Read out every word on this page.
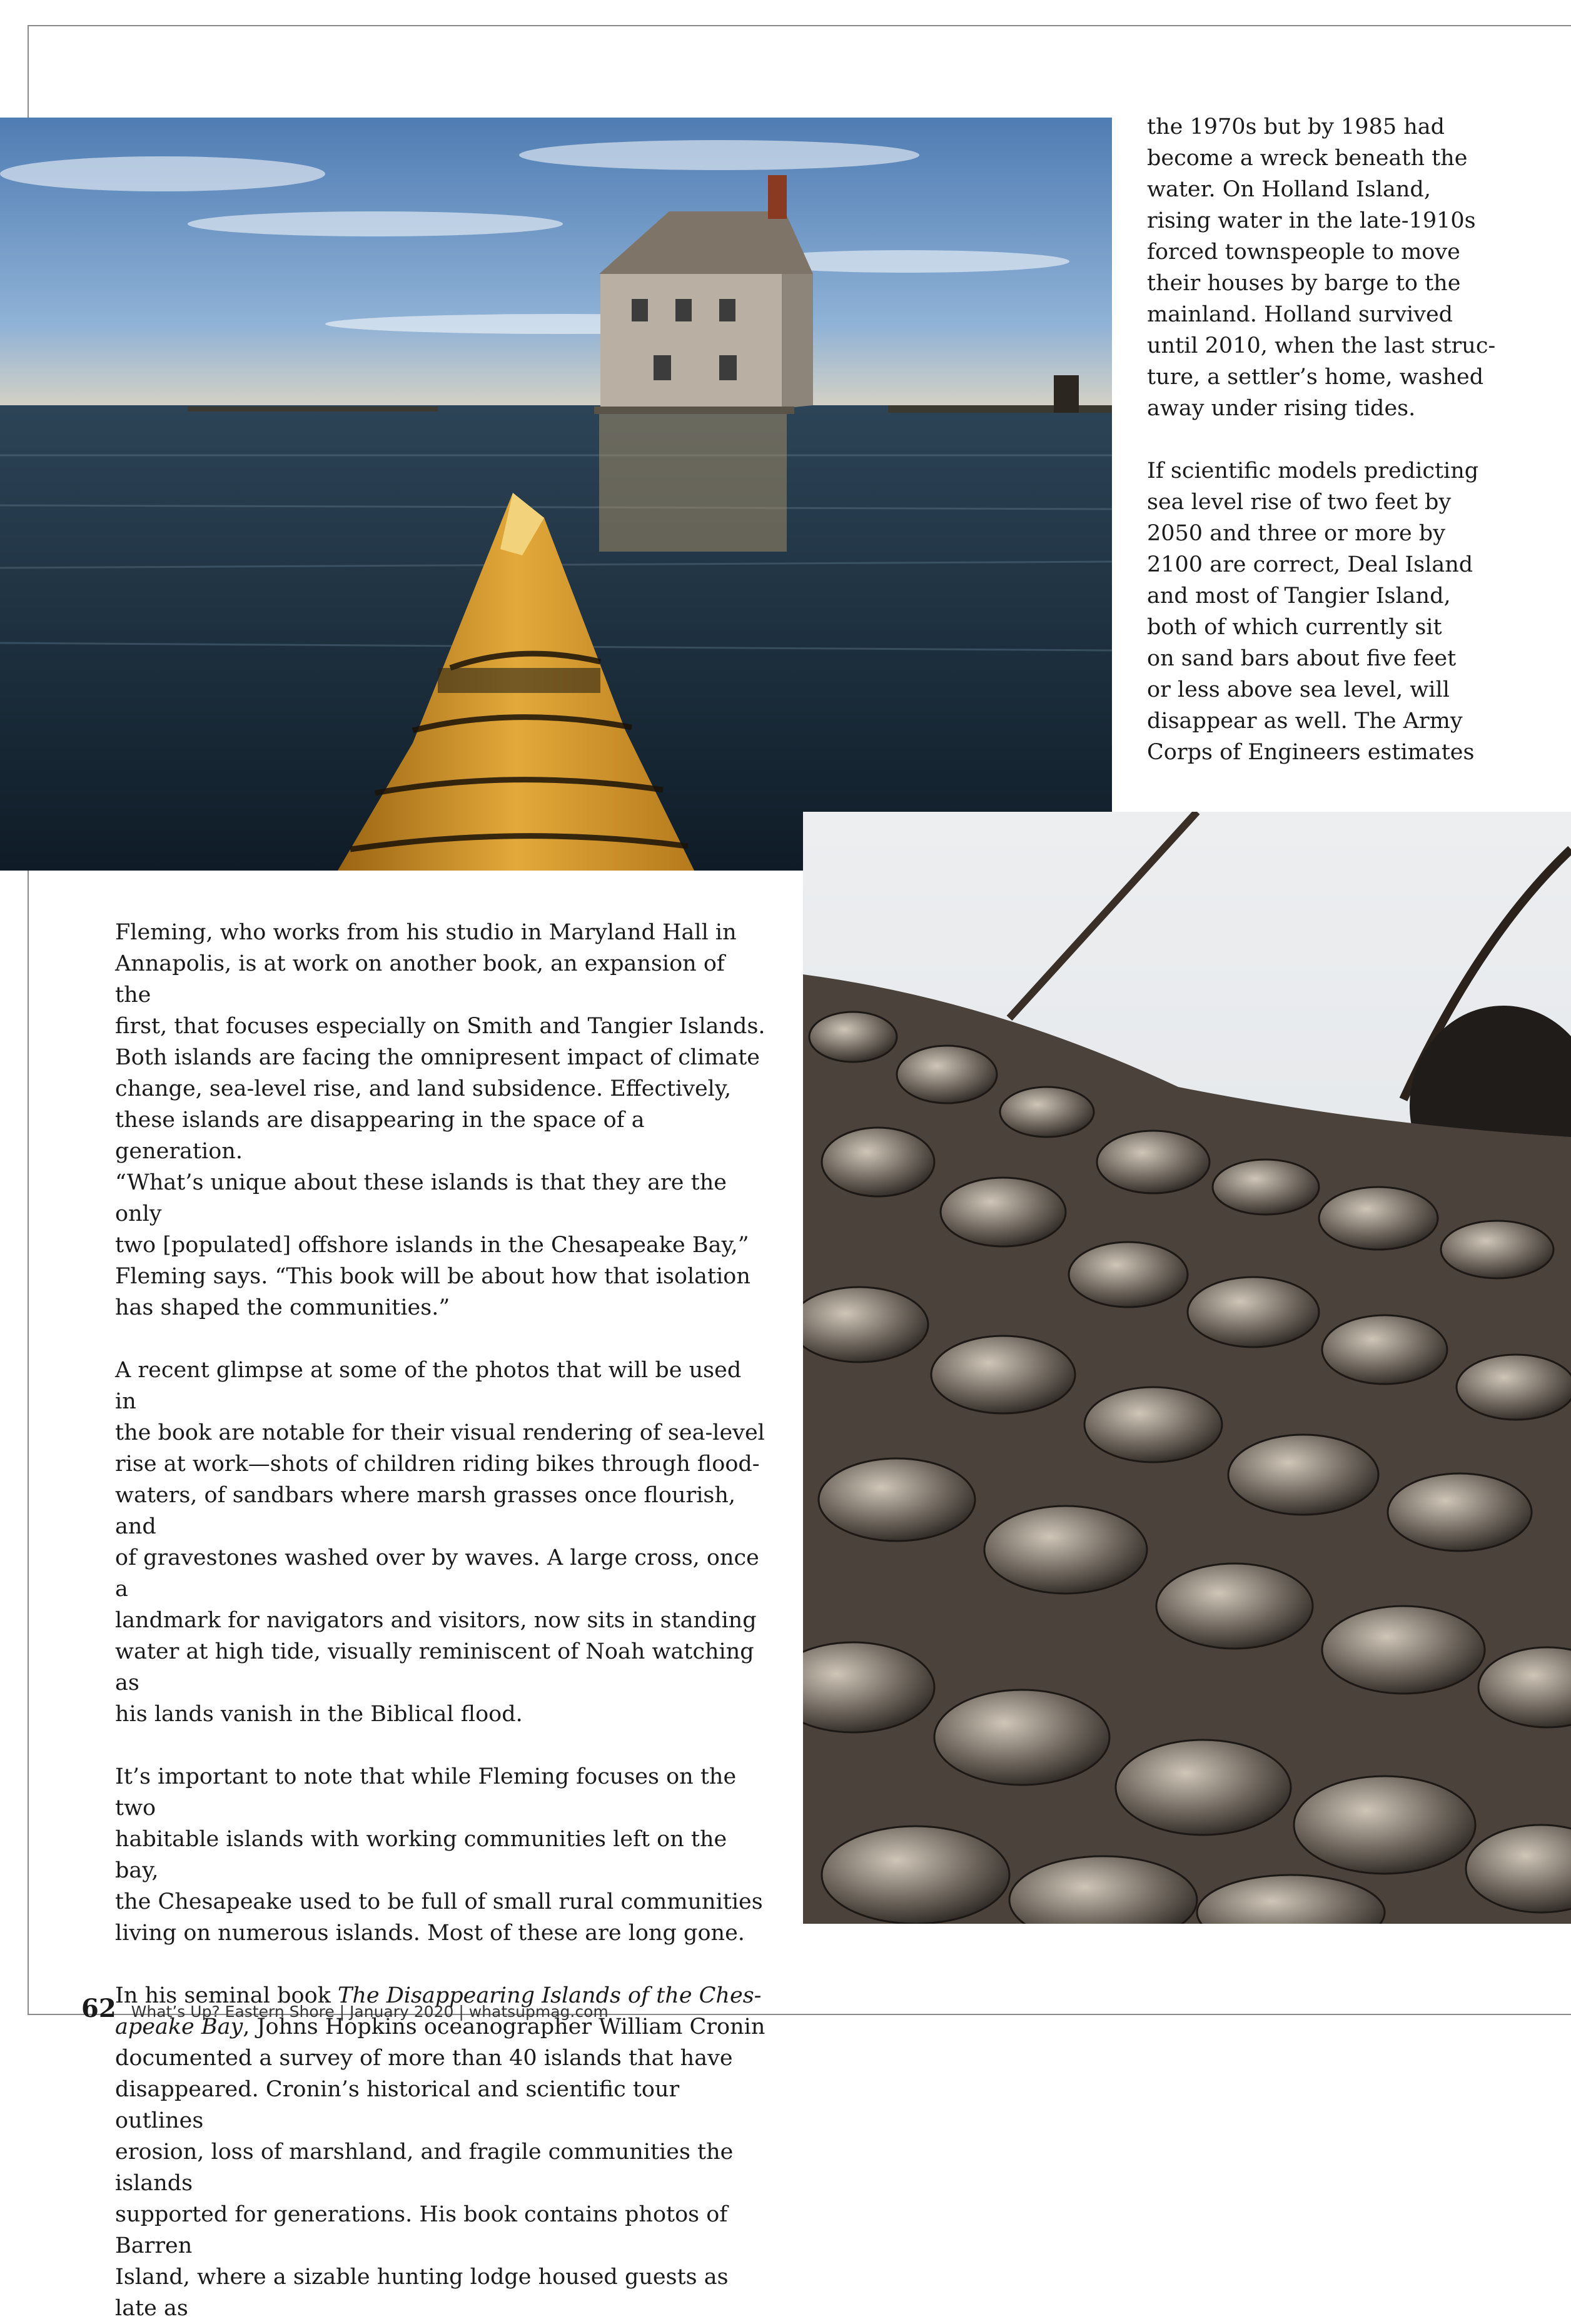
the 1970s but by 1985 had
become a wreck beneath the
water. On Holland Island,
rising water in the late-1910s
forced townspeople to move
their houses by barge to the
mainland. Holland survived
until 2010, when the last struc-
ture, a settler’s home, washed
away under rising tides.

If scientific models predicting
sea level rise of two feet by
2050 and three or more by
2100 are correct, Deal Island
and most of Tangier Island,
both of which currently sit
on sand bars about five feet
or less above sea level, will
disappear as well. The Army
Corps of Engineers estimates

Fleming, who works from his studio in Maryland Hall in
Annapolis, is at work on another book, an expansion of the
first, that focuses especially on Smith and Tangier Islands.
Both islands are facing the omnipresent impact of climate
change, sea-level rise, and land subsidence. Effectively,
these islands are disappearing in the space of a generation.
“What’s unique about these islands is that they are the only
two [populated] offshore islands in the Chesapeake Bay,”
Fleming says. “This book will be about how that isolation
has shaped the communities.”

A recent glimpse at some of the photos that will be used in
the book are notable for their visual rendering of sea-level
rise at work—shots of children riding bikes through flood-
waters, of sandbars where marsh grasses once flourish, and
of gravestones washed over by waves. A large cross, once a
landmark for navigators and visitors, now sits in standing
water at high tide, visually reminiscent of Noah watching as
his lands vanish in the Biblical flood.

It’s important to note that while Fleming focuses on the two
habitable islands with working communities left on the bay,
the Chesapeake used to be full of small rural communities
living on numerous islands. Most of these are long gone.

In his seminal book The Disappearing Islands of the Ches-
apeake Bay, Johns Hopkins oceanographer William Cronin
documented a survey of more than 40 islands that have
disappeared. Cronin’s historical and scientific tour outlines
erosion, loss of marshland, and fragile communities the islands
supported for generations. His book contains photos of Barren
Island, where a sizable hunting lodge housed guests as late as

62 What’s Up? Eastern Shore | January 2020 | whatsupmag.com
